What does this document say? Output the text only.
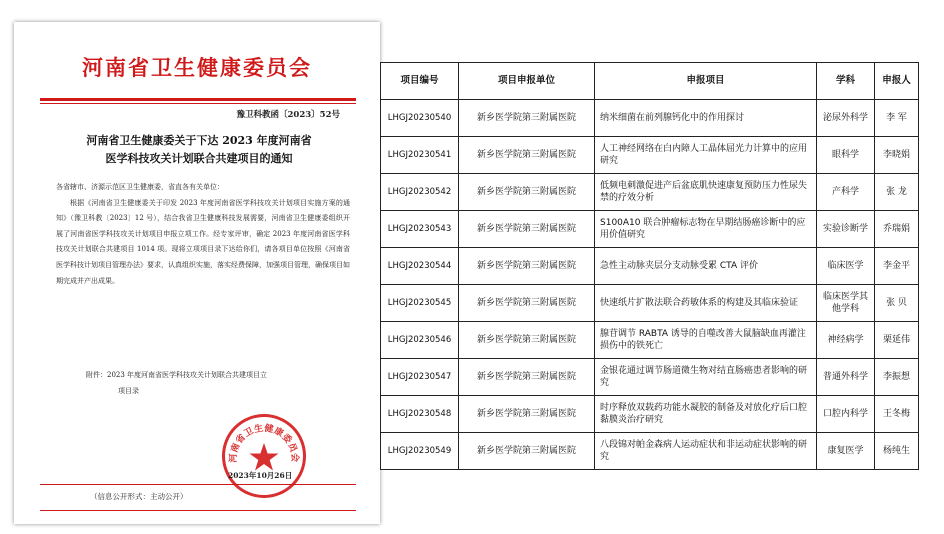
河南省卫生健康委员会
豫卫科教函〔2023〕52号
河南省卫生健康委关于下达 2023 年度河南省
医学科技攻关计划联合共建项目的通知

各省辖市、济源示范区卫生健康委，省直各有关单位：

根据《河南省卫生健康委关于印发 2023 年度河南省医学科技攻关计划项目实施方案的通知》（豫卫科教〔2023〕12 号），结合我省卫生健康科技发展需要，河南省卫生健康委组织开展了河南省医学科技攻关计划项目申报立项工作。经专家评审，确定 2023 年度河南省医学科技攻关计划联合共建项目 1014 项。现将立项项目录下达给你们，请各项目单位按照《河南省医学科技计划项目管理办法》要求，认真组织实施，落实经费保障，加强项目管理，确保项目如期完成并产出成果。

附件：2023 年度河南省医学科技攻关计划联合共建项目立
项目录
河南省卫生健康委员会
2023年10月26日
（信息公开形式：主动公开）
项目编号	项目申报单位	申报项目	学科	申报人
LHGJ20230540	新乡医学院第三附属医院	纳米细菌在前列腺钙化中的作用探讨	泌尿外科学	李 军
LHGJ20230541	新乡医学院第三附属医院	人工神经网络在白内障人工晶体屈光力计算中的应用研究	眼科学	李晓娟
LHGJ20230542	新乡医学院第三附属医院	低频电刺激促进产后盆底肌快速康复预防压力性尿失禁的疗效分析	产科学	张 龙
LHGJ20230543	新乡医学院第三附属医院	S100A10 联合肿瘤标志物在早期结肠癌诊断中的应用价值研究	实验诊断学	乔瑞娟
LHGJ20230544	新乡医学院第三附属医院	急性主动脉夹层分支动脉受累 CTA 评价	临床医学	李金平
LHGJ20230545	新乡医学院第三附属医院	快速纸片扩散法联合药敏体系的构建及其临床验证	临床医学其他学科	张 贝
LHGJ20230546	新乡医学院第三附属医院	腺苷调节 RABTA 诱导的自噬改善大鼠脑缺血再灌注损伤中的铁死亡	神经病学	栗延伟
LHGJ20230547	新乡医学院第三附属医院	金银花通过调节肠道微生物对结直肠癌患者影响的研究	普通外科学	李振想
LHGJ20230548	新乡医学院第三附属医院	时序释放双载药功能水凝胶的制备及对放化疗后口腔黏膜炎治疗研究	口腔内科学	王冬梅
LHGJ20230549	新乡医学院第三附属医院	八段锦对帕金森病人运动症状和非运动症状影响的研究	康复医学	杨纯生
